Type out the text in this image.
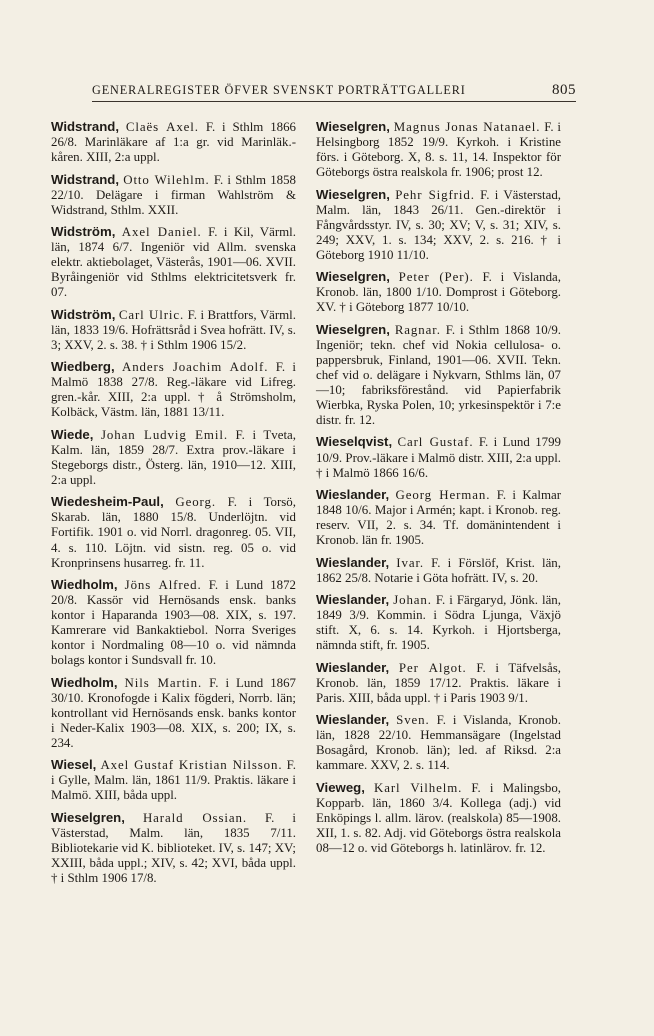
GENERALREGISTER ÖFVER SVENSKT PORTRÄTTGALLERI	805
Widstrand, Claës Axel. F. i Sthlm 1866 26/8. Marinläkare af 1:a gr. vid Marinläk.-kåren. XIII, 2:a uppl.
Widstrand, Otto Wilehlm. F. i Sthlm 1858 22/10. Delägare i firman Wahlström & Widstrand, Sthlm. XXII.
Widström, Axel Daniel. F. i Kil, Värml. län, 1874 6/7. Ingeniör vid Allm. svenska elektr. aktiebolaget, Västerås, 1901—06. XVII. Byråingeniör vid Sthlms elektricitetsverk fr. 07.
Widström, Carl Ulric. F. i Brattfors, Värml. län, 1833 19/6. Hofrättsråd i Svea hofrätt. IV, s. 3; XXV, 2. s. 38. † i Sthlm 1906 15/2.
Wiedberg, Anders Joachim Adolf. F. i Malmö 1838 27/8. Reg.-läkare vid Lifreg. gren.-kår. XIII, 2:a uppl. † å Strömsholm, Kolbäck, Västm. län, 1881 13/11.
Wiede, Johan Ludvig Emil. F. i Tveta, Kalm. län, 1859 28/7. Extra prov.-läkare i Stegeborgs distr., Österg. län, 1910—12. XIII, 2:a uppl.
Wiedesheim-Paul, Georg. F. i Torsö, Skarab. län, 1880 15/8. Underlöjtn. vid Fortifik. 1901 o. vid Norrl. dragonreg. 05. VII, 4. s. 110. Löjtn. vid sistn. reg. 05 o. vid Kronprinsens husarreg. fr. 11.
Wiedholm, Jöns Alfred. F. i Lund 1872 20/8. Kassör vid Hernösands ensk. banks kontor i Haparanda 1903—08. XIX, s. 197. Kamrerare vid Bankaktiebol. Norra Sveriges kontor i Nordmaling 08—10 o. vid nämnda bolags kontor i Sundsvall fr. 10.
Wiedholm, Nils Martin. F. i Lund 1867 30/10. Kronofogde i Kalix fögderi, Norrb. län; kontrollant vid Hernösands ensk. banks kontor i Neder-Kalix 1903—08. XIX, s. 200; IX, s. 234.
Wiesel, Axel Gustaf Kristian Nilsson. F. i Gylle, Malm. län, 1861 11/9. Praktis. läkare i Malmö. XIII, båda uppl.
Wieselgren, Harald Ossian. F. i Västerstad, Malm. län, 1835 7/11. Bibliotekarie vid K. biblioteket. IV, s. 147; XV; XXIII, båda uppl.; XIV, s. 42; XVI, båda uppl. † i Sthlm 1906 17/8.
Wieselgren, Magnus Jonas Natanael. F. i Helsingborg 1852 19/9. Kyrkoh. i Kristine förs. i Göteborg. X, 8. s. 11, 14. Inspektor för Göteborgs östra realskola fr. 1906; prost 12.
Wieselgren, Pehr Sigfrid. F. i Västerstad, Malm. län, 1843 26/11. Gen.-direktör i Fångvårdsstyr. IV, s. 30; XV; V, s. 31; XIV, s. 249; XXV, 1. s. 134; XXV, 2. s. 216. † i Göteborg 1910 11/10.
Wieselgren, Peter (Per). F. i Vislanda, Kronob. län, 1800 1/10. Domprost i Göteborg. XV. † i Göteborg 1877 10/10.
Wieselgren, Ragnar. F. i Sthlm 1868 10/9. Ingeniör; tekn. chef vid Nokia cellulosa- o. pappersbruk, Finland, 1901—06. XVII. Tekn. chef vid o. delägare i Nykvarn, Sthlms län, 07—10; fabriksförestånd. vid Papierfabrik Wierbka, Ryska Polen, 10; yrkesinspektör i 7:e distr. fr. 12.
Wieselqvist, Carl Gustaf. F. i Lund 1799 10/9. Prov.-läkare i Malmö distr. XIII, 2:a uppl. † i Malmö 1866 16/6.
Wieslander, Georg Herman. F. i Kalmar 1848 10/6. Major i Armén; kapt. i Kronob. reg. reserv. VII, 2. s. 34. Tf. domänintendent i Kronob. län fr. 1905.
Wieslander, Ivar. F. i Förslöf, Krist. län, 1862 25/8. Notarie i Göta hofrätt. IV, s. 20.
Wieslander, Johan. F. i Färgaryd, Jönk. län, 1849 3/9. Kommin. i Södra Ljunga, Växjö stift. X, 6. s. 14. Kyrkoh. i Hjortsberga, nämnda stift, fr. 1905.
Wieslander, Per Algot. F. i Täfvelsås, Kronob. län, 1859 17/12. Praktis. läkare i Paris. XIII, båda uppl. † i Paris 1903 9/1.
Wieslander, Sven. F. i Vislanda, Kronob. län, 1828 22/10. Hemmansägare (Ingelstad Bosagård, Kronob. län); led. af Riksd. 2:a kammare. XXV, 2. s. 114.
Vieweg, Karl Vilhelm. F. i Malingsbo, Kopparb. län, 1860 3/4. Kollega (adj.) vid Enköpings l. allm. lärov. (realskola) 85—1908. XII, 1. s. 82. Adj. vid Göteborgs östra realskola 08—12 o. vid Göteborgs h. latinlärov. fr. 12.
